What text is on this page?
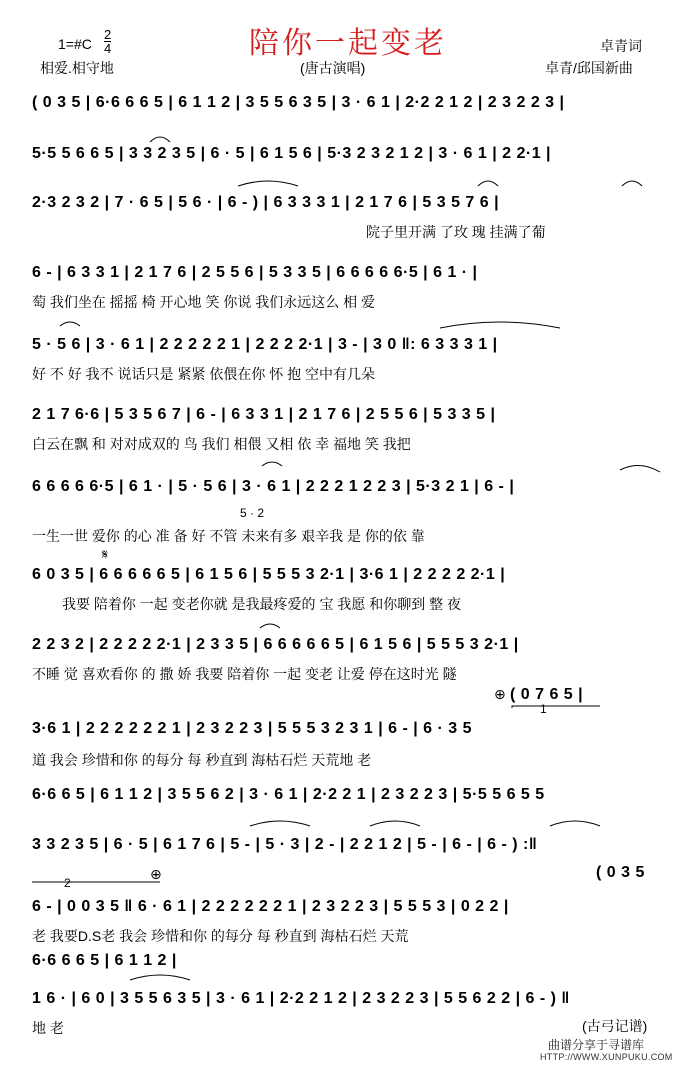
陪你一起变老
1=#C
2
4
相爱.相守地	(唐古演唱)
卓青词
卓青/邱国新曲
( 0 3 5 | 6·6 6 6 5 | 6 1 1 2 | 3 5 5 6 3 5 | 3 · 6 1 | 2·2 2 1 2 | 2 3 2 2 3 |
5·5 5 6 6 5 | 3 3 2 3 5 | 6 · 5 | 6 1 5 6 | 5·3 2 3 2 1 2 | 3 · 6 1 | 2 2·1 |
2·3 2 3 2 | 7 · 6 5 | 5 6 · | 6 - ) | 6 3 3 3 1 | 2 1 7 6 | 5 3 5 7 6 |
院子里开满 了玫 瑰 挂满了葡
6 - | 6 3 3 1 | 2 1 7 6 | 2 5 5 6 | 5 3 3 5 | 6 6 6 6 6·5 | 6 1 · |
萄 我们坐在 摇摇 椅 开心地 笑 你说 我们永远这么 相 爱
5 · 5 6 | 3 · 6 1 | 2 2 2 2 2 1 | 2 2 2 2·1 | 3 - | 3 0 ‖: 6 3 3 3 1 |
好 不 好 我不 说话只是 紧紧 依偎在你 怀 抱 空中有几朵
2 1 7 6·6 | 5 3 5 6 7 | 6 - | 6 3 3 1 | 2 1 7 6 | 2 5 5 6 | 5 3 3 5 |
白云在飘 和 对对成双的 鸟 我们 相偎 又相 依 幸 福地 笑 我把
6 6 6 6 6·5 | 6 1 · | 5 · 5 6 | 3 · 6 1 | 2 2 2 1 2 2 3 | 5·3 2 1 | 6 - |
5 · 2
一生一世 爱你 的心 准 备 好 不管 未来有多 艰辛我 是 你的依 靠
𝄋
6 0 3 5 | 6 6 6 6 6 5 | 6 1 5 6 | 5 5 5 3 2·1 | 3·6 1 | 2 2 2 2 2·1 |
我要 陪着你 一起 变老你就 是我最疼爱的 宝 我愿 和你聊到 整 夜
2 2 3 2 | 2 2 2 2 2·1 | 2 3 3 5 | 6 6 6 6 6 5 | 6 1 5 6 | 5 5 5 3 2·1 |
不睡 觉 喜欢看你 的 撒 娇 我要 陪着你 一起 变老 让爱 停在这时光 隧
⊕ ( 0 7 6 5 |
1
3·6 1 | 2 2 2 2 2 2 1 | 2 3 2 2 3 | 5 5 5 3 2 3 1 | 6 - | 6 · 3 5
道 我会 珍惜和你 的每分 每 秒直到 海枯石烂 天荒地 老
6·6 6 5 | 6 1 1 2 | 3 5 5 6 2 | 3 · 6 1 | 2·2 2 1 | 2 3 2 2 3 | 5·5 5 6 5 5
3 3 2 3 5 | 6 · 5 | 6 1 7 6 | 5 - | 5 · 3 | 2 - | 2 2 1 2 | 5 - | 6 - | 6 - ) :‖
( 0 3 5
2
⊕
6 - | 0 0 3 5 ‖ 6 · 6 1 | 2 2 2 2 2 2 1 | 2 3 2 2 3 | 5 5 5 3 | 0 2 2 |
老 我要D.S老 我会 珍惜和你 的每分 每 秒直到 海枯石烂 天荒
6·6 6 6 5 | 6 1 1 2 |
1 6 · | 6 0 | 3 5 5 6 3 5 | 3 · 6 1 | 2·2 2 1 2 | 2 3 2 2 3 | 5 5 6 2 2 | 6 - ) ‖
地 老	(古弓记谱)
曲谱分享于寻谱库
HTTP://WWW.XUNPUKU.COM
